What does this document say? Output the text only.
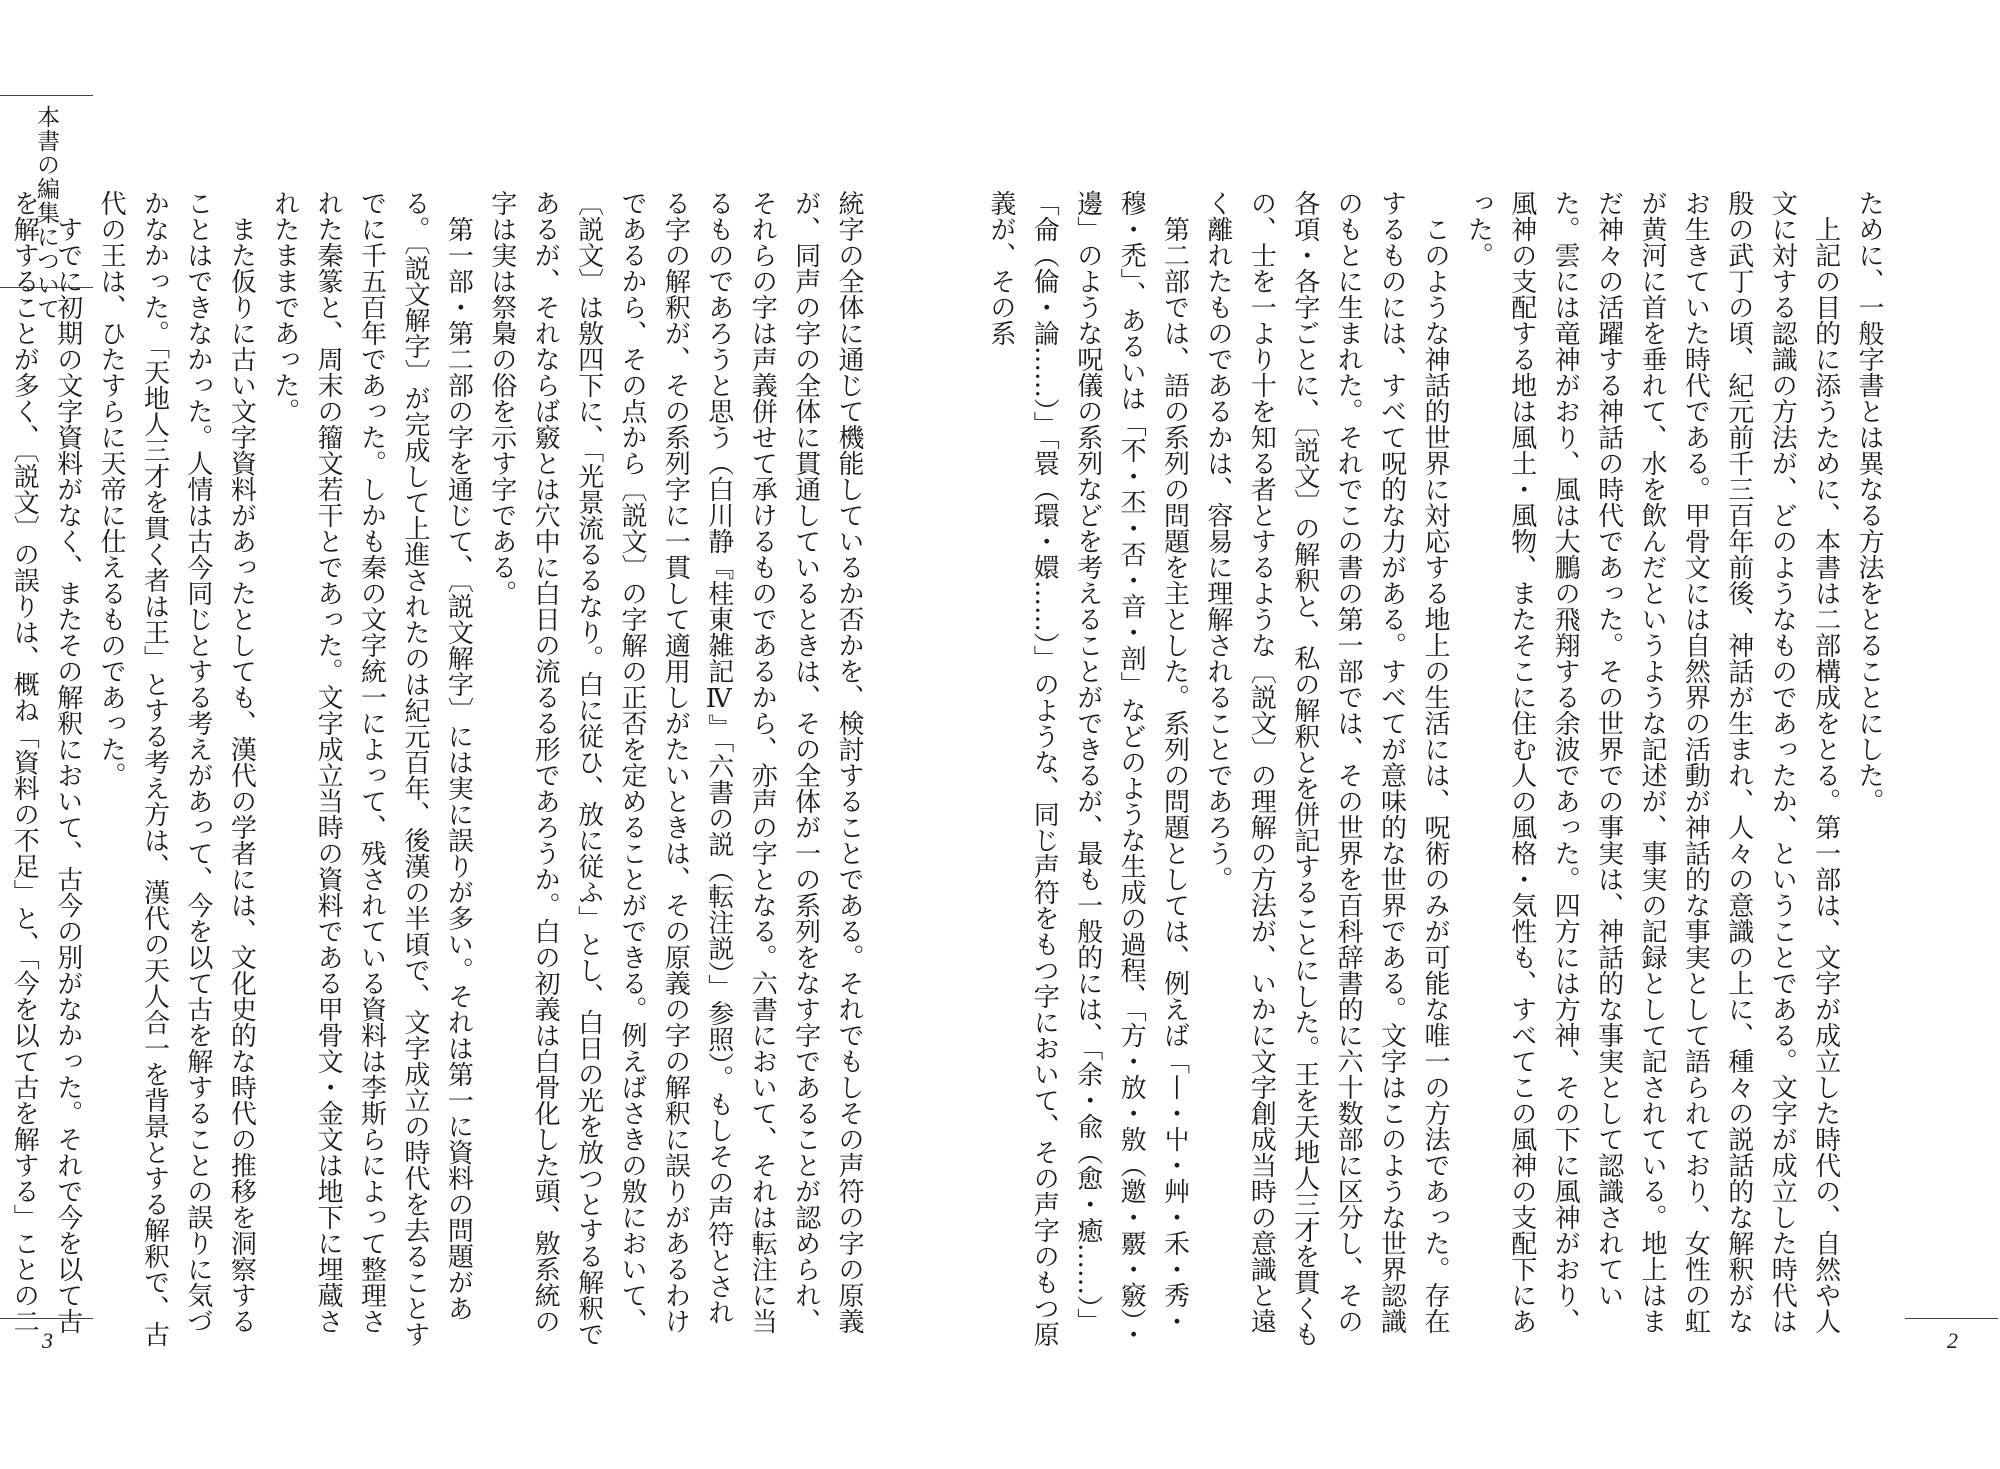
本書の編集について	統字の全体に通じて機能しているか否かを、検討することである。それでもしその声符の字の原義が、同声の字の全体に貫通しているときは、その全体が一の系列をなす字であることが認められ、それらの字は声義併せて承けるものであるから、亦声の字となる。六書において、それは転注に当るものであろうと思う（白川静『桂東雑記Ⅳ』「六書の説（転注説）」参照）。もしその声符とされる字の解釈が、その系列字に一貫して適用しがたいときは、その原義の字の解釈に誤りがあるわけであるから、その点から〔説文〕の字解の正否を定めることができる。例えばさきの敫において、〔説文〕は敫四下に、「光景流るるなり。白に従ひ、放に従ふ」とし、白日の光を放つとする解釈であるが、それならば竅とは穴中に白日の流るる形であろうか。白の初義は白骨化した頭、敫系統の字は実は祭梟の俗を示す字である。

第一部・第二部の字を通じて、〔説文解字〕には実に誤りが多い。それは第一に資料の問題がある。〔説文解字〕が完成して上進されたのは紀元百年、後漢の半頃で、文字成立の時代を去ることすでに千五百年であった。しかも秦の文字統一によって、残されている資料は李斯らによって整理された秦篆と、周末の籀文若干とであった。文字成立当時の資料である甲骨文・金文は地下に埋蔵されたままであった。

また仮りに古い文字資料があったとしても、漢代の学者には、文化史的な時代の推移を洞察することはできなかった。人情は古今同じとする考えがあって、今を以て古を解することの誤りに気づかなかった。「天地人三才を貫く者は王」とする考え方は、漢代の天人合一を背景とする解釈で、古代の王は、ひたすらに天帝に仕えるものであった。

すでに初期の文字資料がなく、またその解釈において、古今の別がなかった。それで今を以て古を解することが多く、〔説文〕の誤りは、概ね「資料の不足」と、「今を以て古を解する」ことの二

3

ために、一般字書とは異なる方法をとることにした。

上記の目的に添うために、本書は二部構成をとる。第一部は、文字が成立した時代の、自然や人文に対する認識の方法が、どのようなものであったか、ということである。文字が成立した時代は殷の武丁の頃、紀元前千三百年前後、神話が生まれ、人々の意識の上に、種々の説話的な解釈がなお生きていた時代である。甲骨文には自然界の活動が神話的な事実として語られており、女性の虹が黄河に首を垂れて、水を飲んだというような記述が、事実の記録として記されている。地上はまだ神々の活躍する神話の時代であった。その世界での事実は、神話的な事実として認識されていた。雲には竜神がおり、風は大鵬の飛翔する余波であった。四方には方神、その下に風神がおり、風神の支配する地は風土・風物、またそこに住む人の風格・気性も、すべてこの風神の支配下にあった。

このような神話的世界に対応する地上の生活には、呪術のみが可能な唯一の方法であった。存在するものには、すべて呪的な力がある。すべてが意味的な世界である。文字はこのような世界認識のもとに生まれた。それでこの書の第一部では、その世界を百科辞書的に六十数部に区分し、その各項・各字ごとに、〔説文〕の解釈と、私の解釈とを併記することにした。王を天地人三才を貫くもの、士を一より十を知る者とするような〔説文〕の理解の方法が、いかに文字創成当時の意識と遠く離れたものであるかは、容易に理解されることであろう。

第二部では、語の系列の問題を主とした。系列の問題としては、例えば「丨・屮・艸・禾・秀・穆・禿」、あるいは「不・丕・否・音・剖」などのような生成の過程、「方・放・敫（邀・覈・竅）・邊」のような呪儀の系列などを考えることができるが、最も一般的には、「余・兪（愈・癒……）」「侖（倫・論……）」「睘（環・嬛……）」のような、同じ声符をもつ字において、その声字のもつ原義が、その系

2
